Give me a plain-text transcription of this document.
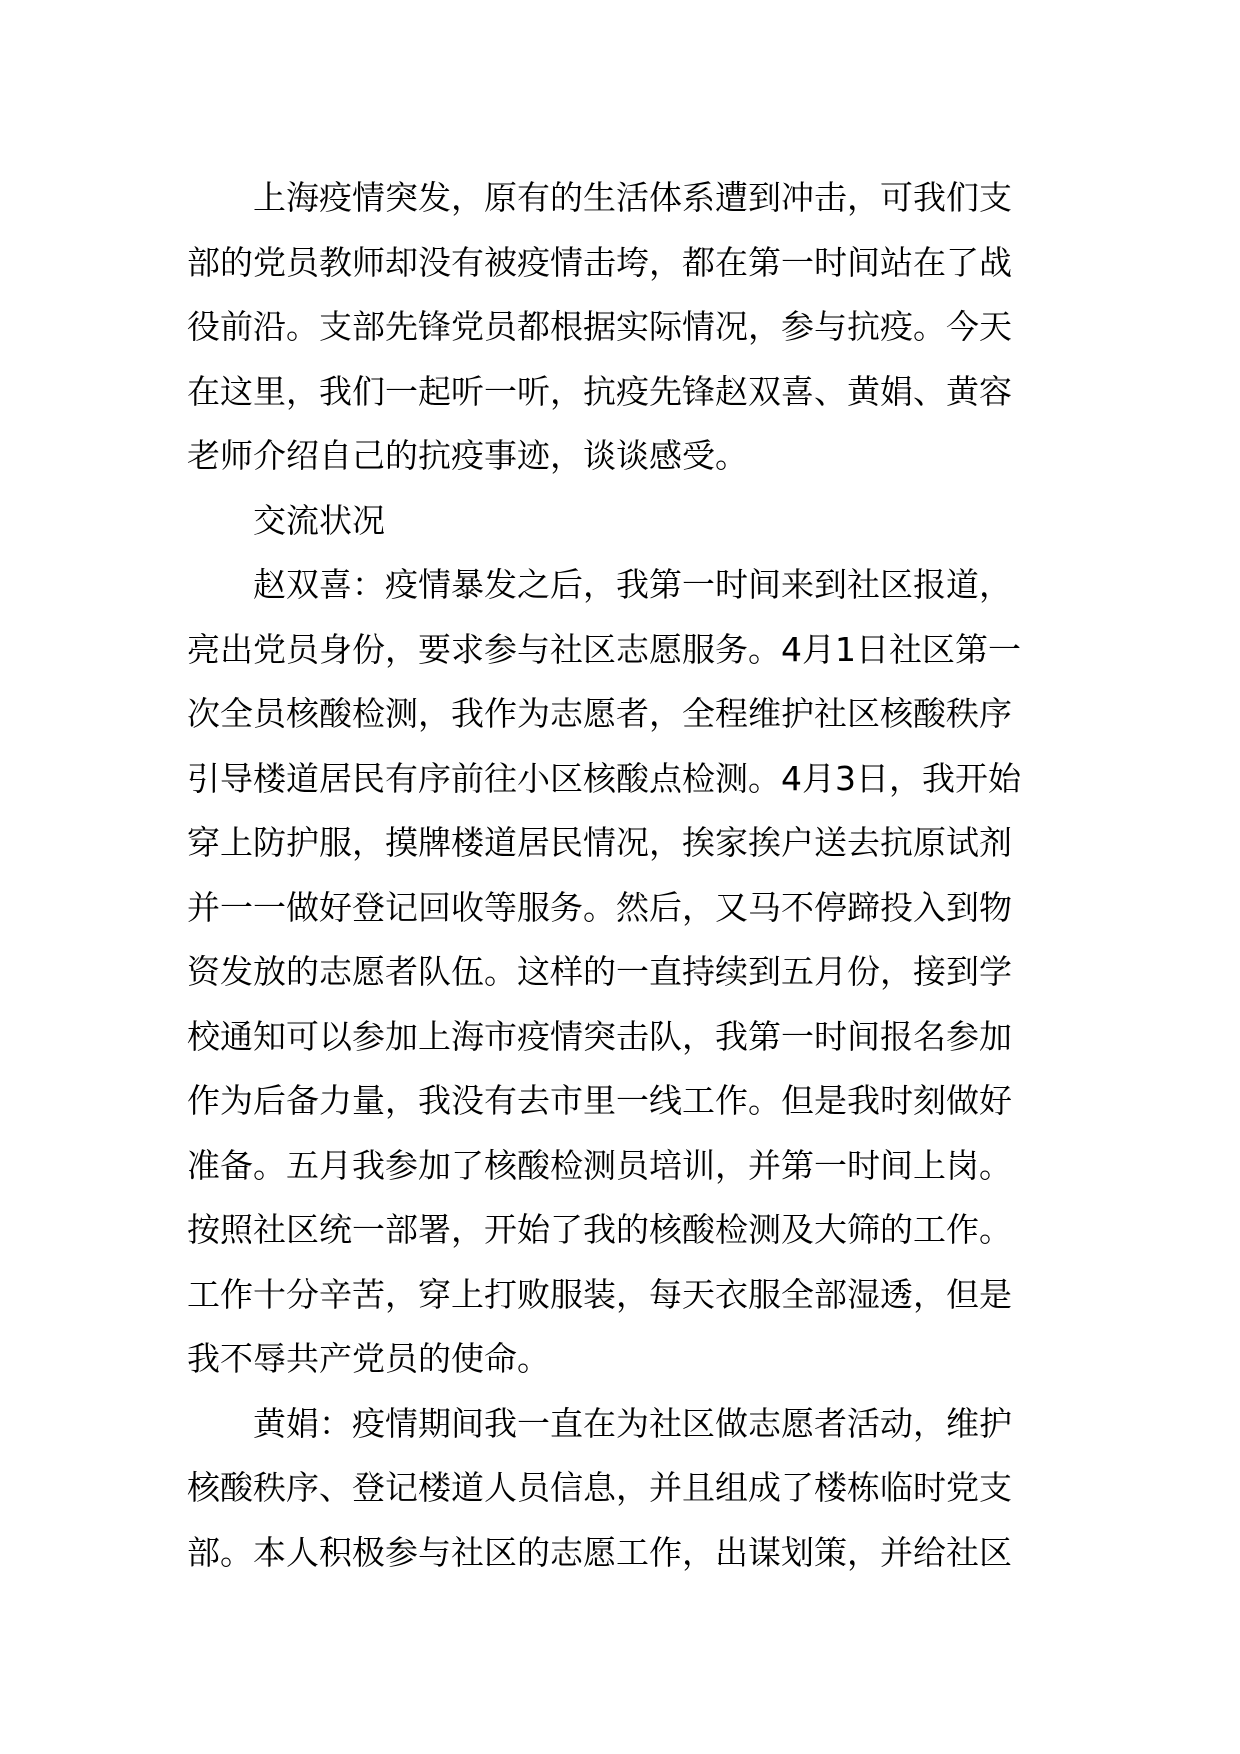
上海疫情突发，原有的生活体系遭到冲击，可我们支
部的党员教师却没有被疫情击垮，都在第一时间站在了战
役前沿。支部先锋党员都根据实际情况，参与抗疫。今天
在这里，我们一起听一听，抗疫先锋赵双喜、黄娟、黄容
老师介绍自己的抗疫事迹，谈谈感受。
交流状况
赵双喜：疫情暴发之后，我第一时间来到社区报道，
亮出党员身份，要求参与社区志愿服务。4月1日社区第一
次全员核酸检测，我作为志愿者，全程维护社区核酸秩序
引导楼道居民有序前往小区核酸点检测。4月3日，我开始
穿上防护服，摸牌楼道居民情况，挨家挨户送去抗原试剂
并一一做好登记回收等服务。然后，又马不停蹄投入到物
资发放的志愿者队伍。这样的一直持续到五月份，接到学
校通知可以参加上海市疫情突击队，我第一时间报名参加
作为后备力量，我没有去市里一线工作。但是我时刻做好
准备。五月我参加了核酸检测员培训，并第一时间上岗。
按照社区统一部署，开始了我的核酸检测及大筛的工作。
工作十分辛苦，穿上打败服装，每天衣服全部湿透，但是
我不辱共产党员的使命。
黄娟：疫情期间我一直在为社区做志愿者活动，维护
核酸秩序、登记楼道人员信息，并且组成了楼栋临时党支
部。本人积极参与社区的志愿工作，出谋划策，并给社区
